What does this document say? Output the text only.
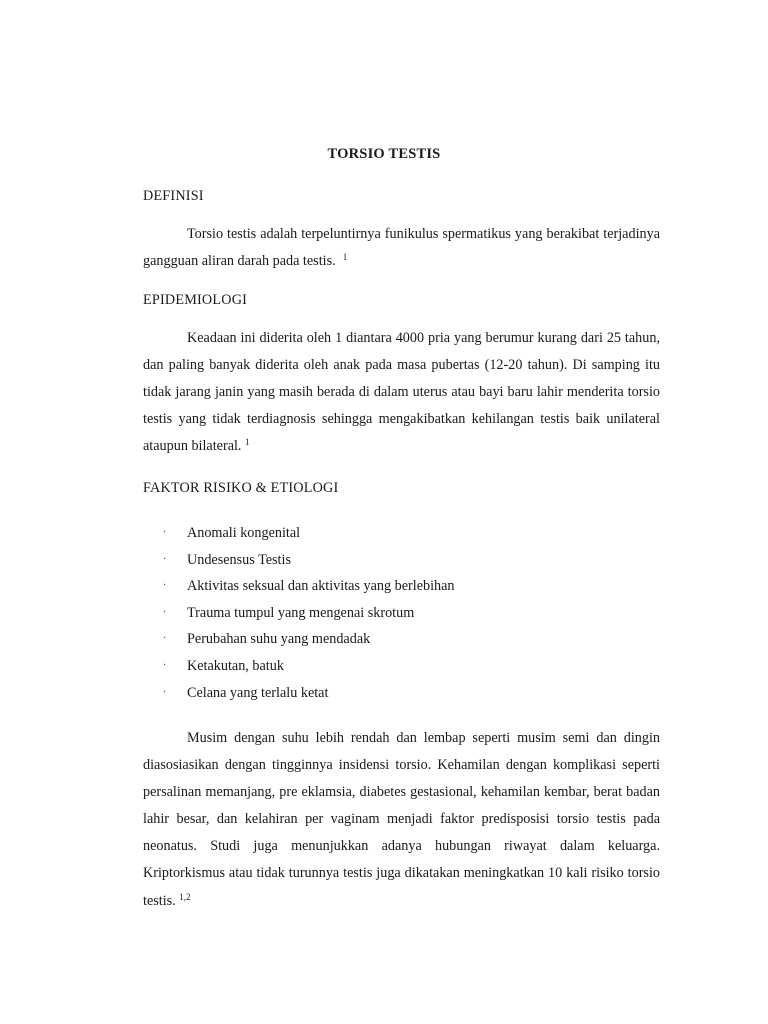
TORSIO TESTIS
DEFINISI

Torsio testis adalah terpeluntirnya funikulus spermatikus yang berakibat terjadinya gangguan aliran darah pada testis. $^1$

EPIDEMIOLOGI

Keadaan ini diderita oleh 1 diantara 4000 pria yang berumur kurang dari 25 tahun, dan paling banyak diderita oleh anak pada masa pubertas (12-20 tahun). Di samping itu tidak jarang janin yang masih berada di dalam uterus atau bayi baru lahir menderita torsio testis yang tidak terdiagnosis sehingga mengakibatkan kehilangan testis baik unilateral ataupun bilateral. $^1$

FAKTOR RISIKO & ETIOLOGI
· Anomali kongenital
· Undesensus Testis
· Aktivitas seksual dan aktivitas yang berlebihan
· Trauma tumpul yang mengenai skrotum
· Perubahan suhu yang mendadak
· Ketakutan, batuk
· Celana yang terlalu ketat

Musim dengan suhu lebih rendah dan lembap seperti musim semi dan dingin diasosiasikan dengan tingginnya insidensi torsio. Kehamilan dengan komplikasi seperti persalinan memanjang, pre eklamsia, diabetes gestasional, kehamilan kembar, berat badan lahir besar, dan kelahiran per vaginam menjadi faktor predisposisi torsio testis pada neonatus. Studi juga menunjukkan adanya hubungan riwayat dalam keluarga. Kriptorkismus atau tidak turunnya testis juga dikatakan meningkatkan 10 kali risiko torsio testis. $^{1,2}$
